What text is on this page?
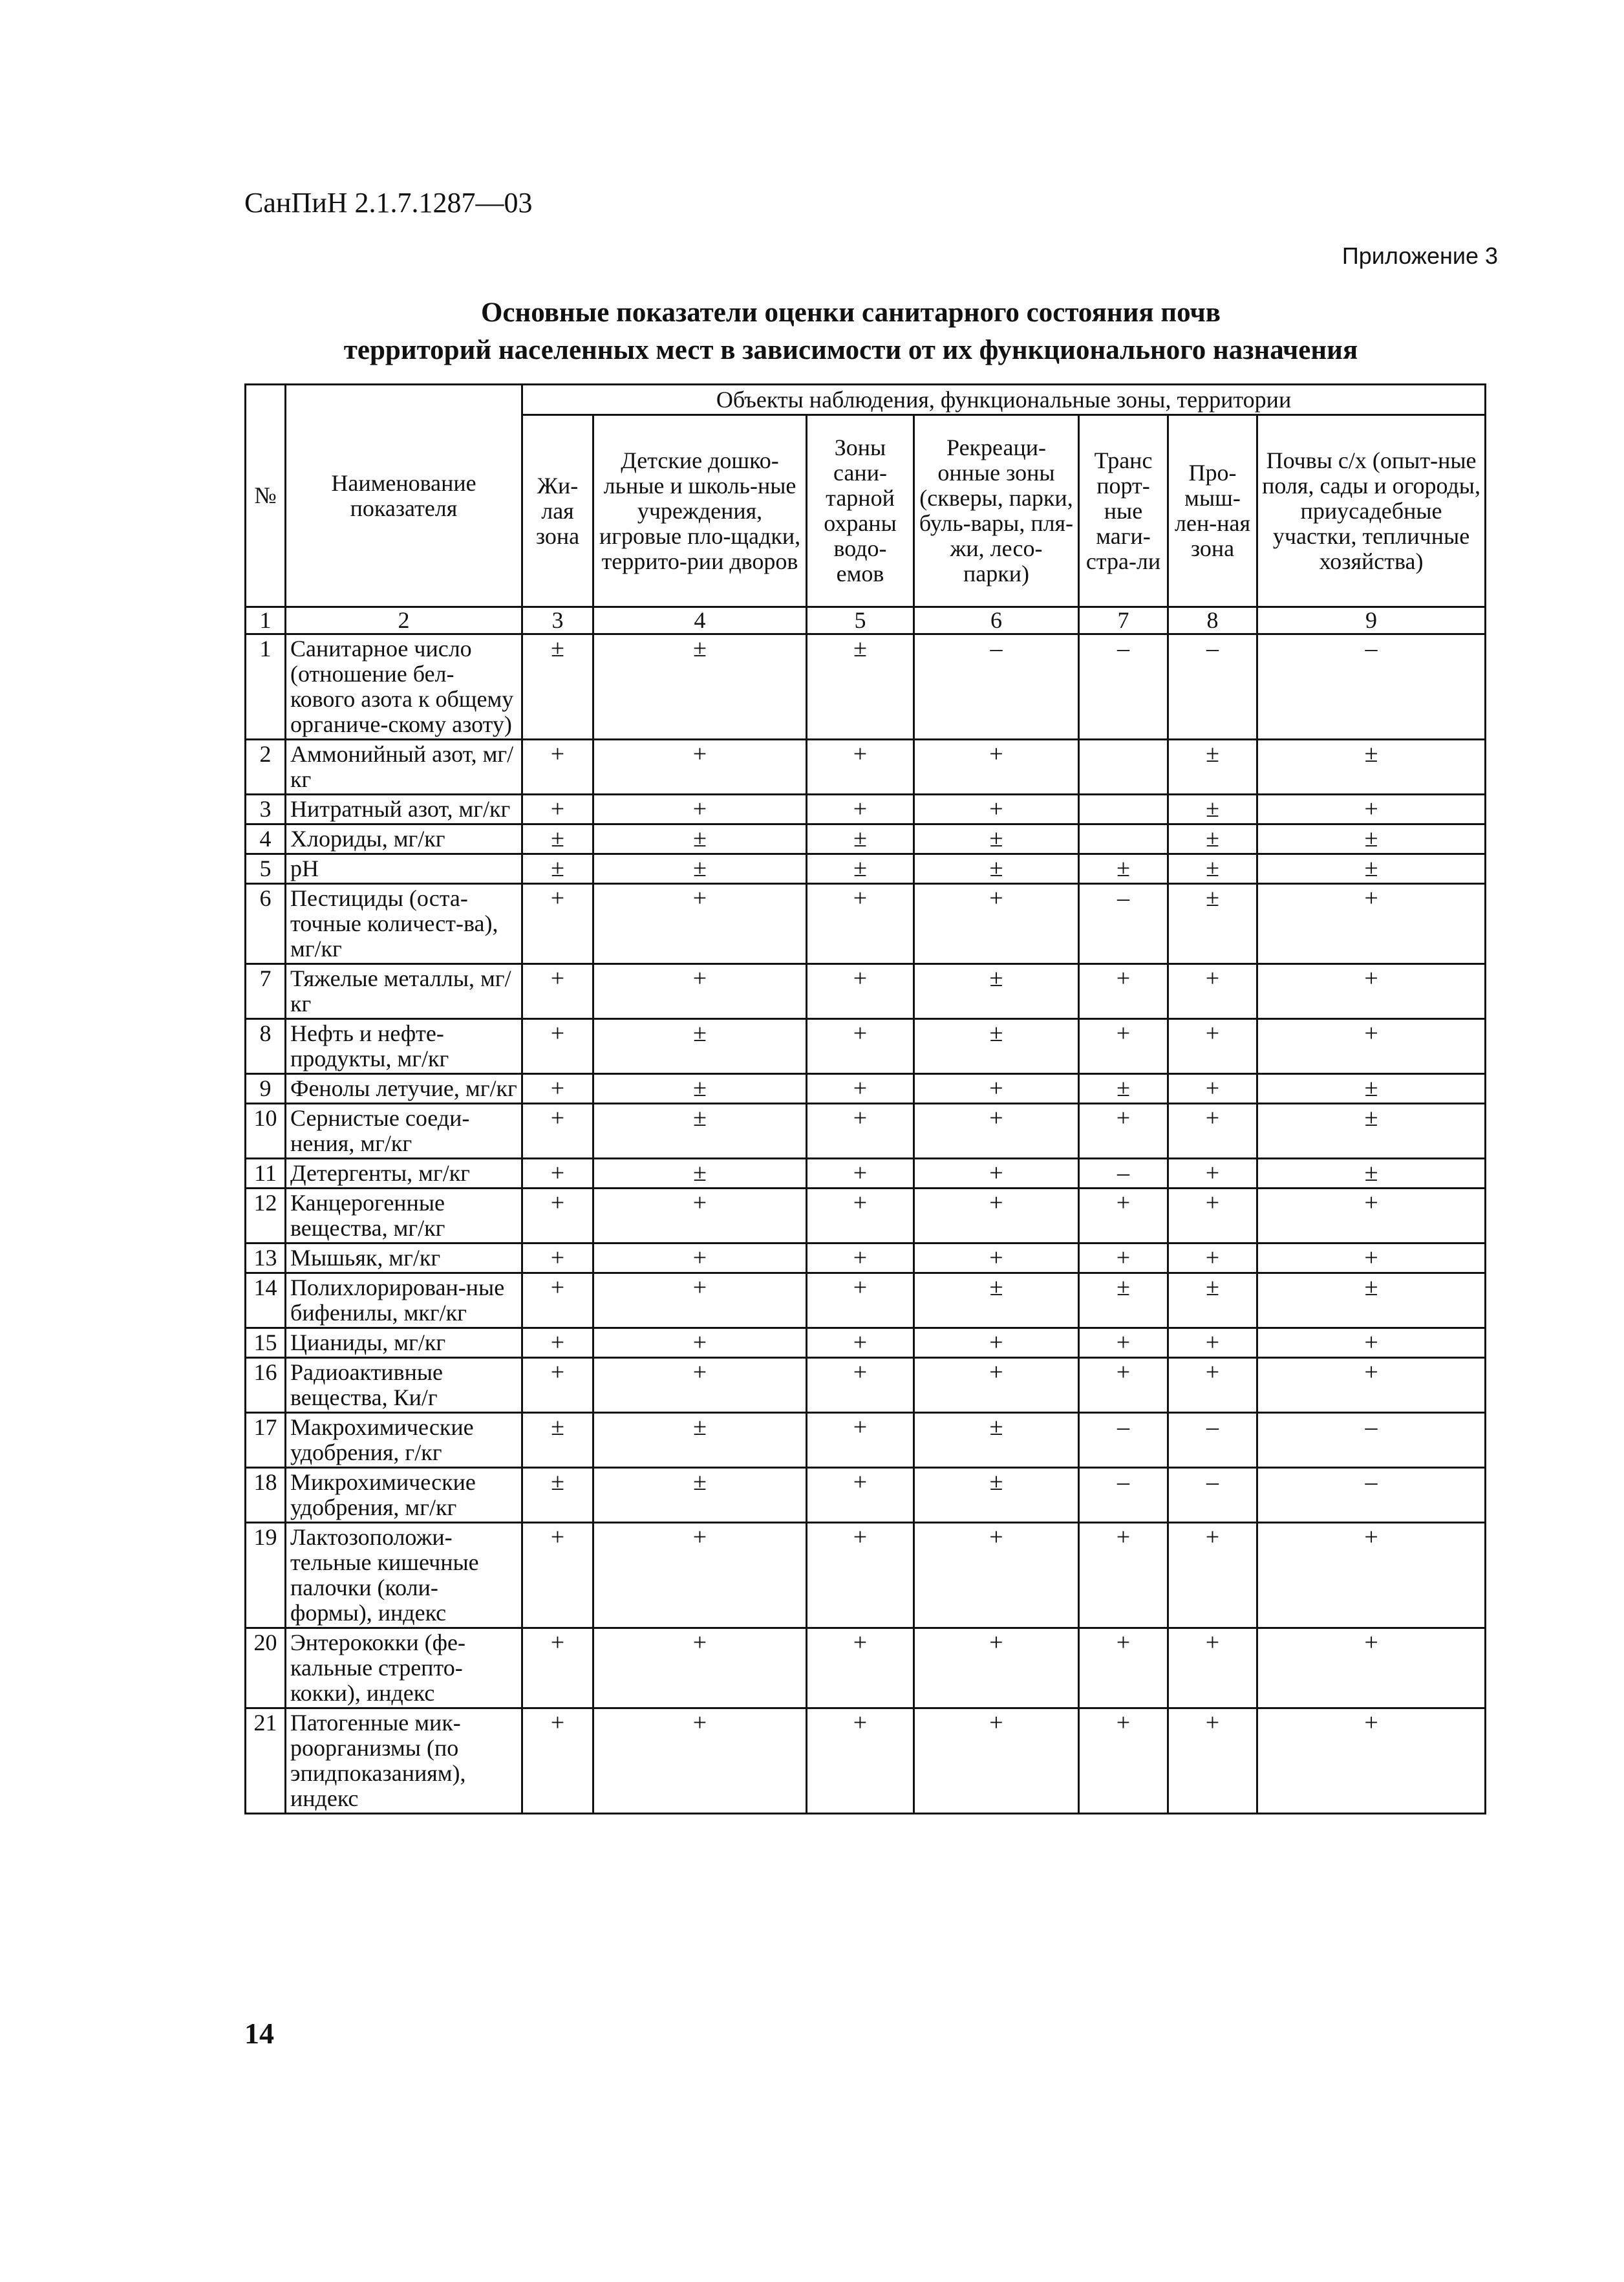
СанПиН 2.1.7.1287—03
Приложение 3
Основные показатели оценки санитарного состояния почв
территорий населенных мест в зависимости от их функционального назначения
№	Наименование показателя	Объекты наблюдения, функциональные зоны, территории						
		Жи-лая зона	Детские дошко-льные и школь-ные учреждения, игровые пло-щадки, террито-рии дворов	Зоны сани-тарной охраны водо-емов	Рекреаци-онные зоны (скверы, парки, буль-вары, пля-жи, лесо-парки)	Транс порт-ные маги-стра-ли	Про-мыш-лен-ная зона	Почвы с/х (опыт-ные поля, сады и огороды, приусадебные участки, тепличные хозяйства)
1	2	3	4	5	6	7	8	9
1	Санитарное число (отношение бел-кового азота к общему органиче-скому азоту)	±	±	±	–	–	–	–
2	Аммонийный азот, мг/кг	+	+	+	+		±	±
3	Нитратный азот, мг/кг	+	+	+	+		±	+
4	Хлориды, мг/кг	±	±	±	±		±	±
5	pH	±	±	±	±	±	±	±
6	Пестициды (оста-точные количест-ва), мг/кг	+	+	+	+	–	±	+
7	Тяжелые металлы, мг/кг	+	+	+	±	+	+	+
8	Нефть и нефте-продукты, мг/кг	+	±	+	±	+	+	+
9	Фенолы летучие, мг/кг	+	±	+	+	±	+	±
10	Сернистые соеди-нения, мг/кг	+	±	+	+	+	+	±
11	Детергенты, мг/кг	+	±	+	+	–	+	±
12	Канцерогенные вещества, мг/кг	+	+	+	+	+	+	+
13	Мышьяк, мг/кг	+	+	+	+	+	+	+
14	Полихлорирован-ные бифенилы, мкг/кг	+	+	+	±	±	±	±
15	Цианиды, мг/кг	+	+	+	+	+	+	+
16	Радиоактивные вещества, Ки/г	+	+	+	+	+	+	+
17	Макрохимические удобрения, г/кг	±	±	+	±	–	–	–
18	Микрохимические удобрения, мг/кг	±	±	+	±	–	–	–
19	Лактозоположи-тельные кишечные палочки (коли-формы), индекс	+	+	+	+	+	+	+
20	Энтерококки (фе-кальные стрепто-кокки), индекс	+	+	+	+	+	+	+
21	Патогенные мик-роорганизмы (по эпидпоказаниям), индекс	+	+	+	+	+	+	+
14
